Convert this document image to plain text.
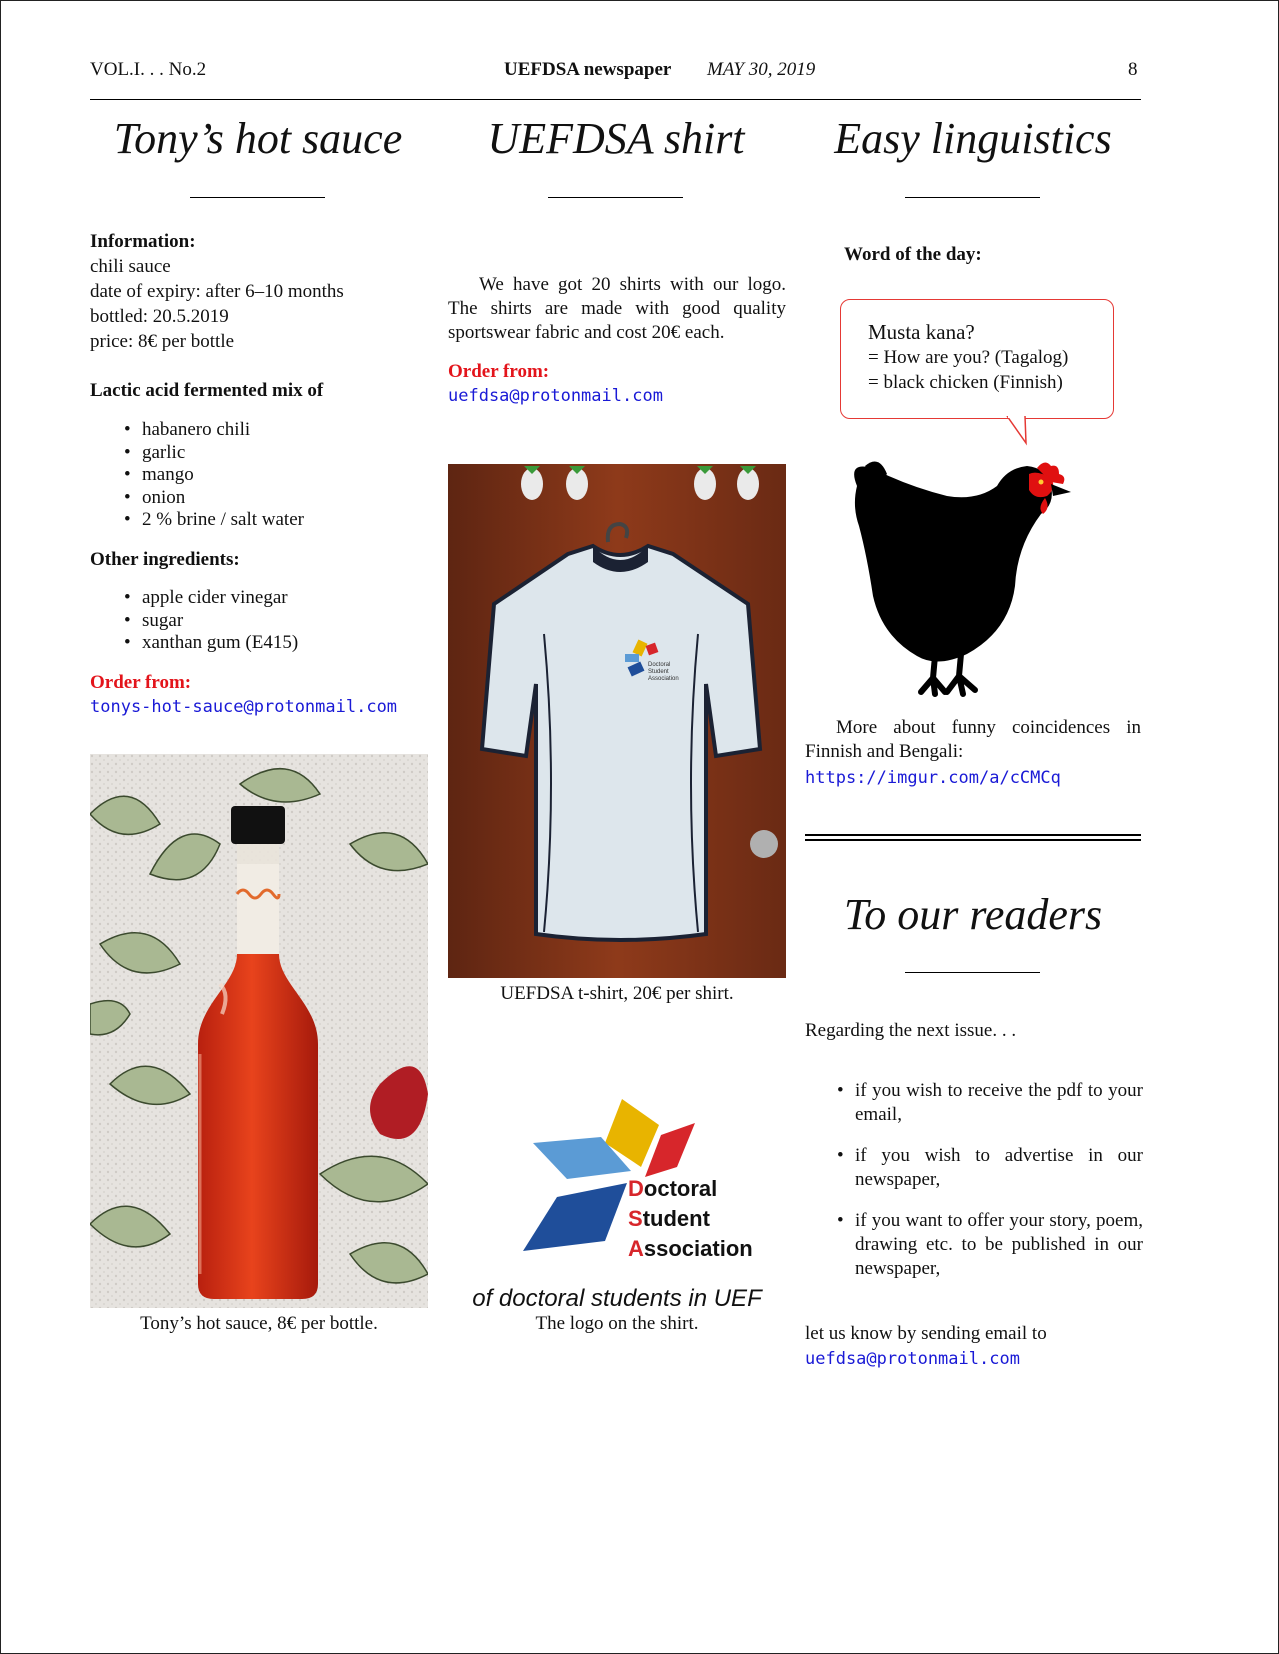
VOL.I. . . No.2	UEFDSA newspaper MAY 30, 2019	8
Tony’s hot sauce
Information:
chili sauce
date of expiry: after 6–10 months
bottled: 20.5.2019
price: 8€ per bottle
Lactic acid fermented mix of
• habanero chili
• garlic
• mango
• onion
• 2 % brine / salt water
Other ingredients:
• apple cider vinegar
• sugar
• xanthan gum (E415)
Order from:
tonys-hot-sauce@protonmail.com
Tony’s hot sauce, 8€ per bottle.
UEFDSA shirt
We have got 20 shirts with our logo. The shirts are made with good quality sportswear fabric and cost 20€ each.
Order from:
uefdsa@protonmail.com
Doctoral
Student
Association
UEFDSA t-shirt, 20€ per shirt.
Doctoral
Student
Association
of doctoral students in UEF
The logo on the shirt.
Easy linguistics
Word of the day:
Musta kana?
= How are you? (Tagalog)
= black chicken (Finnish)
More about funny coincidences in Finnish and Bengali:
https://imgur.com/a/cCMCq
To our readers
Regarding the next issue. . .
• if you wish to receive the pdf to your email,
• if you wish to advertise in our newspaper,
• if you want to offer your story, poem, drawing etc. to be published in our newspaper,
let us know by sending email to
uefdsa@protonmail.com
